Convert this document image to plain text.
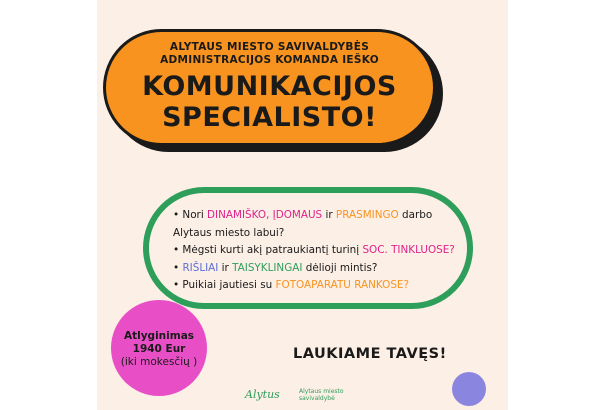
ALYTAUS MIESTO SAVIVALDYBĖS
ADMINISTRACIJOS KOMANDA IEŠKO
KOMUNIKACIJOS
SPECIALISTO!
• Nori DINAMIŠKO, ĮDOMAUS ir PRASMINGO darbo
Alytaus miesto labui?
• Mėgsti kurti akį patraukiantį turinį SOC. TINKLUOSE?
• RIŠLIAI ir TAISYKLINGAI dėlioji mintis?
• Puikiai jautiesi su FOTOAPARATU RANKOSE?
Atlyginimas
1940 Eur
(iki mokesčių )	LAUKIAME TAVĘS!
Alytus	Alytaus miesto
savivaldybė
